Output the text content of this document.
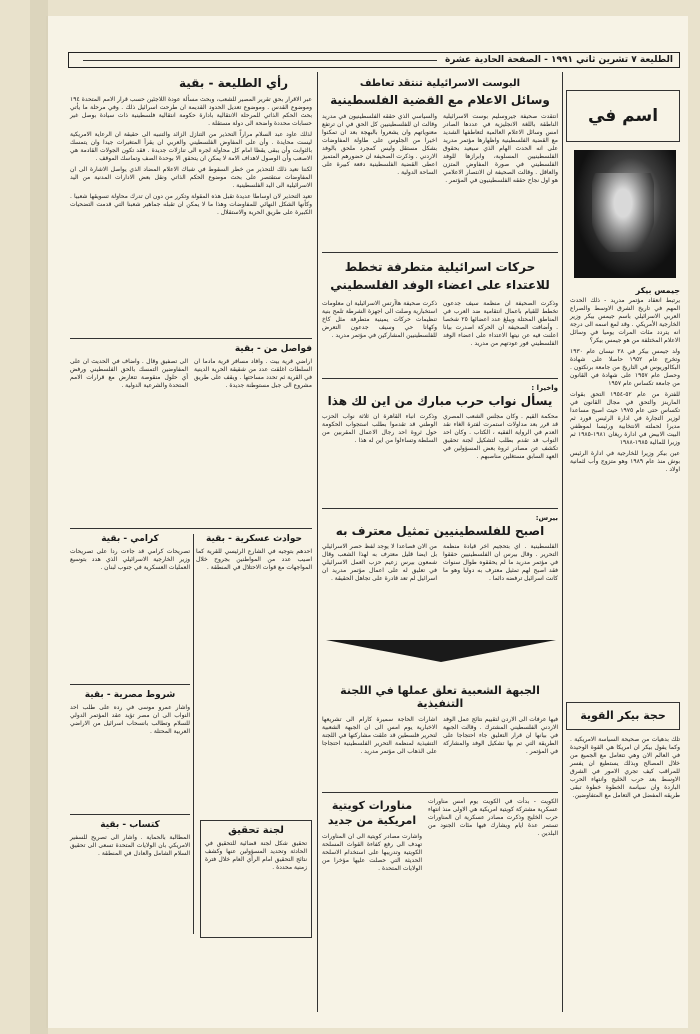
الطليعة ٧ تشرين ثاني ١٩٩١ - الصفحة الحادية عشرة
اسم في
جيمس بيكر
يرتبط انعقاد مؤتمر مدريد - ذلك الحدث المهم في تاريخ الشرق الاوسط والصراع العربي الاسرائيلي باسم جيمس بيكر وزير الخارجية الأمريكي . وقد لمع اسمه الى درجة انه يتردد مئات المرات يوميا في وسائل الاعلام المختلفة من هو جيمس بيكر؟
ولد جيمس بيكر في ٢٨ نيسان عام ١٩٣٠ وتخرج عام ١٩٥٢ حاصلا على شهادة البكالوريوس في التاريخ من جامعة برنكتون . وحصل عام ١٩٥٧ على شهادة في القانون من جامعة تكساس عام ١٩٥٧
للفترة من عام ٥٢-١٩٥٤ التحق بقوات المارينز والتحق في مجال القانون في تكساس حتى عام ١٩٧٥ حيث اصبح مساعدا لوزير التجارة في ادارة الرئيس فورد ثم مديرا لحملته الانتخابية ورئيسا لموظفي البيت الابيض في ادارة ريغان ١٩٨١-١٩٨٥ ثم وزيرا للمالية ١٩٨٥-١٩٨٨
عين بيكر وزيرا للخارجية في ادارة الرئيس بوش منذ عام ١٩٨٩ وهو متزوج وأب لثمانية اولاد .
حجة بيكر القوية
تلك بدهيات من صحيحة السياسة الامريكية . وكما يقول بيكر ان امريكا هي القوة الوحيدة في العالم الان وهي تتعامل مع الجميع من خلال المصالح وبذلك يستطيع ان يفسر للمراقب كيف تجري الامور في الشرق الاوسط بعد حرب الخليج وانتهاء الحرب الباردة وان سياسة الخطوة خطوة تبقى طريقه المفضل في التعامل مع المتفاوضين.
البوست الاسرائيلية تنتقد تعاطف
وسائل الاعلام مع القضية الفلسطينية
انتقدت صحيفة جيروسليم بوست الاسرائيلية الناطقة باللغة الانجليزية في عددها الصادر امس وسائل الاعلام العالمية لتعاطفها الشديد مع القضية الفلسطينية واظهارها مؤتمر مدريد على انه الحدث الهام الذي سيعيد بحقوق الفلسطينيين المسلوبة، وابرازها للوفد الفلسطيني في صورة المفاوض المتزن والعاقل . وقالت الصحيفة ان الانتصار الاعلامي هو اول نجاح حققه الفلسطينيون في المؤتمر .
والسياسي الذي حققه الفلسطينيون في مدريد وقالت ان للفلسطينيين كل الحق في ان ترتفع معنوياتهم وان يشعروا بالبهجة بعد ان تمكنوا اخيرا من الجلوس على طاولة المفاوضات بشكل مستقل وليس كمجرد ملحق بالوفد الاردني . وذكرت الصحيفة ان حضورهم المتميز اعطى القضية الفلسطينية دفعة كبيرة على الساحة الدولية .
حركات اسرائيلية متطرفة تخطط للاعتداء على اعضاء الوفد الفلسطيني
وذكرت الصحيفة ان منظمة سيف جدعون تخطط للقيام باعمال انتقامية ضد العرب في المناطق المحتلة ويبلغ عدد اعضائها ٢٥ شخصا . وأضافت الصحيفة ان الحركة اصدرت بيانا اعلنت فيه عن نيتها الاعتداء على اعضاء الوفد الفلسطيني فور عودتهم من مدريد .
ذكرت صحيفة هاآرتس الاسرائيلية ان معلومات استخبارية وصلت الى اجهزة الشرطة تلمح بنية تنظيمات حركات يمينية متطرفة مثل كاخ وكهانا حي وسيف جدعون التعرض للفلسطينيين المشاركين في مؤتمر مدريد .
واخيرا :
يسأل نواب حرب مبارك من اين لك هذا
محكمة القيم . وكان مجلس الشعب المصري قد قرر بعد مداولات استمرت لفترة الغاء نقد العدم في الرواية الفقيه ، الكتاب . وكان احد النواب قد تقدم بطلب لتشكيل لجنة تحقيق تكشف عن مصادر ثروة بعض المسؤولين في العهد السابق مستغلين مناصبهم .
وذكرت انباء القاهرة ان ثلاثة نواب الحزب الوطني قد تقدموا بطلب استجواب الحكومة حول ثروة احد رجال الاعمال المقربين من السلطة وتساءلوا من اين له هذا .
بيرس:
اصبح للفلسطينيين تمثيل معترف به
الفلسطينية . اي بتحجيم اخر قيادة منظمة التحرير . وقال بيرس ان الفلسطينيين حققوا في مؤتمر مدريد ما لم يحققوه طوال سنوات فقد اصبح لهم تمثيل معترف به دوليا وهو ما كانت اسرائيل ترفضه دائما .
من الان فصاعدا لا يوجد لفظ حصر الاسرائيلي بل ايضا قليل معترف به لهذا الشعب وقال شمعون بيرس زعيم حزب العمل الاسرائيلي في تعليق له على اعمال مؤتمر مدريد ان اسرائيل لم تعد قادرة على تجاهل الحقيقة .
الجبهة الشعبية تعلق عملها في اللجنة التنفيذية
فيها عرفات الى الاردن لتقييم نتائج عمل الوفد الاردني الفلسطيني المشترك . وقالت الجبهة في بيانها ان قرار التعليق جاء احتجاجا على الطريقة التي تم بها تشكيل الوفد والمشاركة في المؤتمر .
اشارات الحاجة سميرة كارام الى تشريعها الاخبارية يوم امس الى ان الجبهة الشعبية لتحرير فلسطين قد علقت مشاركتها في اللجنة التنفيذية لمنظمة التحرير الفلسطينية احتجاجا على الذهاب الى مؤتمر مدريد .
الكويت - بدأت في الكويت يوم امس مناورات عسكرية مشتركة كويتية امريكية هي الاولى منذ انتهاء حرب الخليج وذكرت مصادر عسكرية ان المناورات تستمر عدة ايام ويشارك فيها مئات الجنود من البلدين .
مناورات كويتية امريكية من جديد
واشارت مصادر كويتية الى ان المناورات تهدف الى رفع كفاءة القوات المسلحة الكويتية وتدريبها على استخدام الاسلحة الحديثة التي حصلت عليها مؤخرا من الولايات المتحدة .
رأي الطليعة - بقية
عبر الاقرار بحق تقرير المصير للشعب، وبحث مسألة عودة اللاجئين حسب قرار الامم المتحدة ١٩٤ وموضوع القدس . وموضوع تعديل الحدود القديمة ان طرحت اسرائيل ذلك . وفي مرحلة ما يأتي بحث الحكم الذاتي للمرحلة الانتقالية بادارة حكومة انتقالية فلسطينية ذات سيادة بوصل غير حسابات محددة واضحة الى دولة مستقلة .
لذلك عاود عبد السلام مراراً التحذير من التنازل الزائد والتنبيه الى حقيقة ان الرعاية الامريكية ليست محايدة . وأن على المفاوض الفلسطيني والعربي ان يقرأ المتغيرات جيدا وان يتمسك بالثوابت وأن يبقى يقظا امام كل محاولة لجره الى تنازلات جديدة . فقد تكون الجولات القادمة هي الاصعب وأن الوصول لاهداف الامة لا يمكن ان يتحقق الا بوحدة الصف وتماسك الموقف .
لكننا نعيد ذلك للتحذير من خطر السقوط في شباك الاعلام المضاد الذي يواصل الاشارة الى ان المفاوضات ستقتصر على بحث موضوع الحكم الذاتي ونقل بعض الادارات المدنية من اليد الاسرائيلية الى اليد الفلسطينية .
تعيد التحذير لان اوساطا عديدة تقبل هذه المقولة وتكرر من دون ان تدرك محاولة تسويقها شعبيا . وكأنها الشكل النهائي للمفاوضات وهذا ما لا يمكن ان تقبله جماهير شعبنا التي قدمت التضحيات الكبيرة على طريق الحرية والاستقلال .
فواصل من - بقية
اراضي قرية بيت . وافاد مسافر قرية مادما ان السلطات اغلقت عدد من شقيقة الحرية الدينية في القرية ثم تحدد مساحتها . ويقف على طريق مشروع الى جبل مستوطنة جديدة .
الى تصفيق وقال . واضاف في الحديث ان على المفاوضين التمسك بالحق الفلسطيني ورفض أي حلول منقوصة تتعارض مع قرارات الامم المتحدة والشرعية الدولية .
كرامي - بقية
تصريحات كرامي قد جاءت ردا على تصريحات وزير الخارجية الاسرائيلي الذي هدد بتوسيع العمليات العسكرية في جنوب لبنان .
حوادث عسكرية - بقية
احدهم بتوجيه في الشارع الرئيسي للقرية كما اصيب عدد من المواطنين بجروح خلال المواجهات مع قوات الاحتلال في المنطقة .
شروط مصرية - بقية
واشار عمرو موسى في رده على طلب احد النواب الى ان مصر تؤيد عقد المؤتمر الدولي للسلام وتطالب بانسحاب اسرائيل من الاراضي العربية المحتلة .
كتساب - بقية
المطالبة بالحماية . واشار الى تصريح للسفير الامريكي بان الولايات المتحدة تسعى الى تحقيق السلام الشامل والعادل في المنطقة .
لجنة تحقيق
تحقيق شكل لجنة قضائية للتحقيق في الحادثة وتحديد المسؤولين عنها وكشف نتائج التحقيق امام الرأي العام خلال فترة زمنية محددة .
